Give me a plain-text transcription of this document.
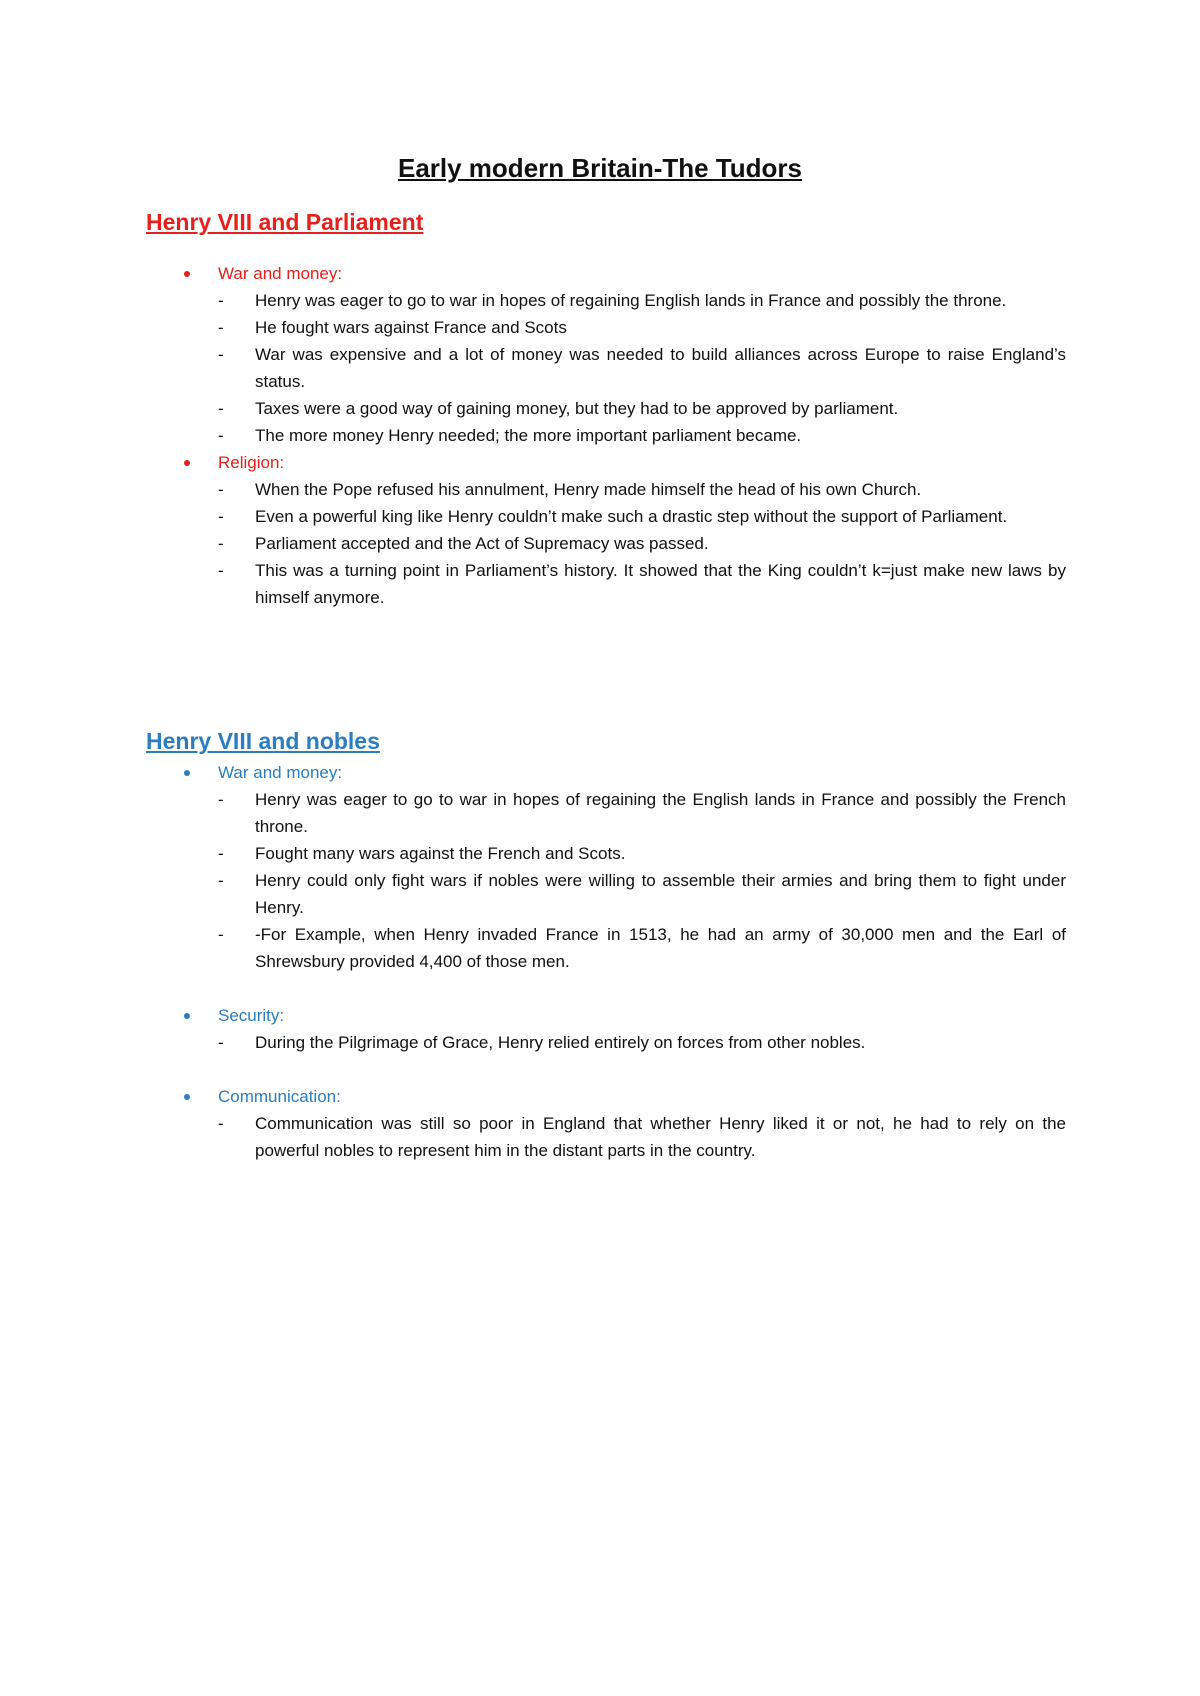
Early modern Britain-The Tudors
Henry VIII and Parliament
War and money:
- Henry was eager to go to war in hopes of regaining English lands in France and possibly the throne.
- He fought wars against France and Scots
- War was expensive and a lot of money was needed to build alliances across Europe to raise England’s status.
- Taxes were a good way of gaining money, but they had to be approved by parliament.
- The more money Henry needed; the more important parliament became.
Religion:
- When the Pope refused his annulment, Henry made himself the head of his own Church.
- Even a powerful king like Henry couldn’t make such a drastic step without the support of Parliament.
- Parliament accepted and the Act of Supremacy was passed.
- This was a turning point in Parliament’s history. It showed that the King couldn’t k=just make new laws by himself anymore.
Henry VIII and nobles
War and money:
- Henry was eager to go to war in hopes of regaining the English lands in France and possibly the French throne.
- Fought many wars against the French and Scots.
- Henry could only fight wars if nobles were willing to assemble their armies and bring them to fight under Henry.
- -For Example, when Henry invaded France in 1513, he had an army of 30,000 men and the Earl of Shrewsbury provided 4,400 of those men.
Security:
- During the Pilgrimage of Grace, Henry relied entirely on forces from other nobles.
Communication:
- Communication was still so poor in England that whether Henry liked it or not, he had to rely on the powerful nobles to represent him in the distant parts in the country.
